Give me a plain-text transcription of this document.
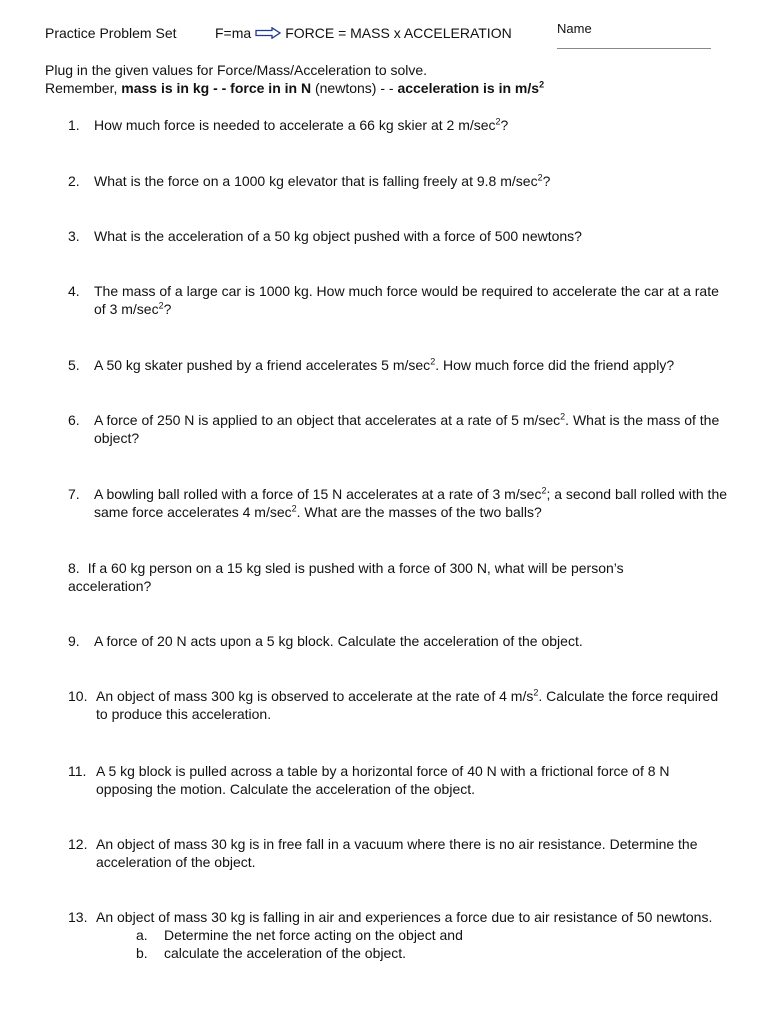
Practice Problem Set	F=ma FORCE = MASS x ACCELERATION	Name
Plug in the given values for Force/Mass/Acceleration to solve.
Remember, mass is in kg - - force in in N (newtons) - - acceleration is in $m/s^2$
1.	How much force is needed to accelerate a 66 kg skier at 2 $m/\sec^2$?
2.	What is the force on a 1000 kg elevator that is falling freely at 9.8 $m/\sec^2$?
3.	What is the acceleration of a 50 kg object pushed with a force of 500 newtons?
4.	The mass of a large car is 1000 kg. How much force would be required to accelerate the car at a rate of 3 $m/\sec^2$?
5.	A 50 kg skater pushed by a friend accelerates 5 $m/\sec^2$. How much force did the friend apply?
6.	A force of 250 N is applied to an object that accelerates at a rate of 5 $m/\sec^2$. What is the mass of the object?
7.	A bowling ball rolled with a force of 15 N accelerates at a rate of 3 $m/\sec^2$; a second ball rolled with the same force accelerates 4 $m/\sec^2$. What are the masses of the two balls?
8. If a 60 kg person on a 15 kg sled is pushed with a force of 300 N, what will be person’s acceleration?
9.	A force of 20 N acts upon a 5 kg block. Calculate the acceleration of the object.
10. An object of mass 300 kg is observed to accelerate at the rate of 4 $m/s^2$. Calculate the force required to produce this acceleration.
11. A 5 kg block is pulled across a table by a horizontal force of 40 N with a frictional force of 8 N opposing the motion. Calculate the acceleration of the object.
12. An object of mass 30 kg is in free fall in a vacuum where there is no air resistance. Determine the acceleration of the object.
13. An object of mass 30 kg is falling in air and experiences a force due to air resistance of 50 newtons.
a. Determine the net force acting on the object and
b. calculate the acceleration of the object.
